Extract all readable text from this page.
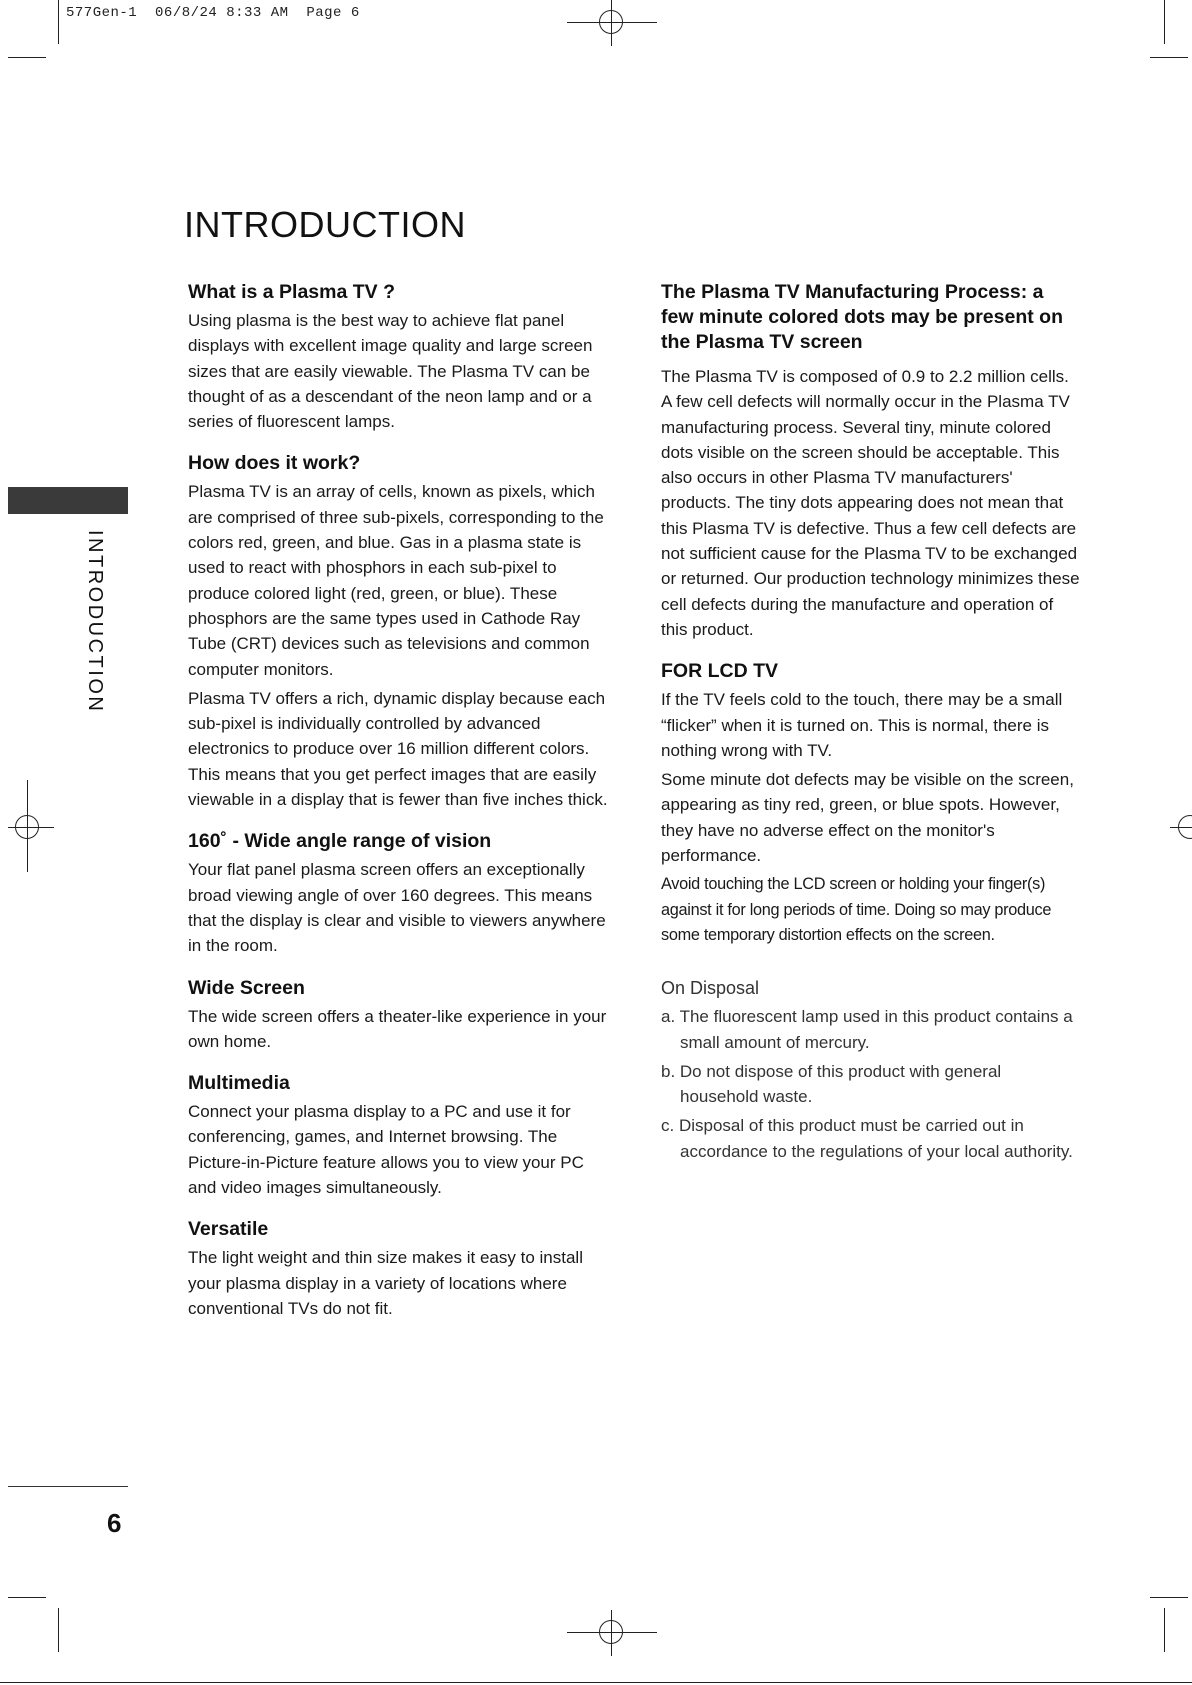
577Gen-1  06/8/24 8:33 AM  Page 6
INTRODUCTION
INTRODUCTION
What is a Plasma TV ?

Using plasma is the best way to achieve flat panel displays with excellent image quality and large screen sizes that are easily viewable. The Plasma TV can be thought of as a descendant of the neon lamp and or a series of fluorescent lamps.

How does it work?

Plasma TV is an array of cells, known as pixels, which are comprised of three sub-pixels, corresponding to the colors red, green, and blue. Gas in a plasma state is used to react with phosphors in each sub-pixel to produce colored light (red, green, or blue). These phosphors are the same types used in Cathode Ray Tube (CRT) devices such as televisions and common computer monitors.

Plasma TV offers a rich, dynamic display because each sub-pixel is individually controlled by advanced electronics to produce over 16 million different colors. This means that you get perfect images that are easily viewable in a display that is fewer than five inches thick.

160˚ - Wide angle range of vision

Your flat panel plasma screen offers an exceptionally broad viewing angle of over 160 degrees. This means that the display is clear and visible to viewers anywhere in the room.

Wide Screen

The wide screen offers a theater-like experience in your own home.

Multimedia

Connect your plasma display to a PC and use it for conferencing, games, and Internet browsing. The Picture-in-Picture feature allows you to view your PC and video images simultaneously.

Versatile

The light weight and thin size makes it easy to install your plasma display in a variety of locations where conventional TVs do not fit.

The Plasma TV Manufacturing Process: a few minute colored dots may be present on the Plasma TV screen

The Plasma TV is composed of 0.9 to 2.2 million cells. A few cell defects will normally occur in the Plasma TV manufacturing process. Several tiny, minute colored dots visible on the screen should be acceptable. This also occurs in other Plasma TV manufacturers' products. The tiny dots appearing does not mean that this Plasma TV is defective. Thus a few cell defects are not sufficient cause for the Plasma TV to be exchanged or returned. Our production technology minimizes these cell defects during the manufacture and operation of this product.

FOR LCD TV

If the TV feels cold to the touch, there may be a small “flicker” when it is turned on. This is normal, there is nothing wrong with TV.

Some minute dot defects may be visible on the screen, appearing as tiny red, green, or blue spots. However, they have no adverse effect on the monitor's performance.

Avoid touching the LCD screen or holding your finger(s) against it for long periods of time. Doing so may produce some temporary distortion effects on the screen.

On Disposal

a. The fluorescent lamp used in this product contains a small amount of mercury.

b. Do not dispose of this product with general household waste.

c. Disposal of this product must be carried out in accordance to the regulations of your local authority.

6
